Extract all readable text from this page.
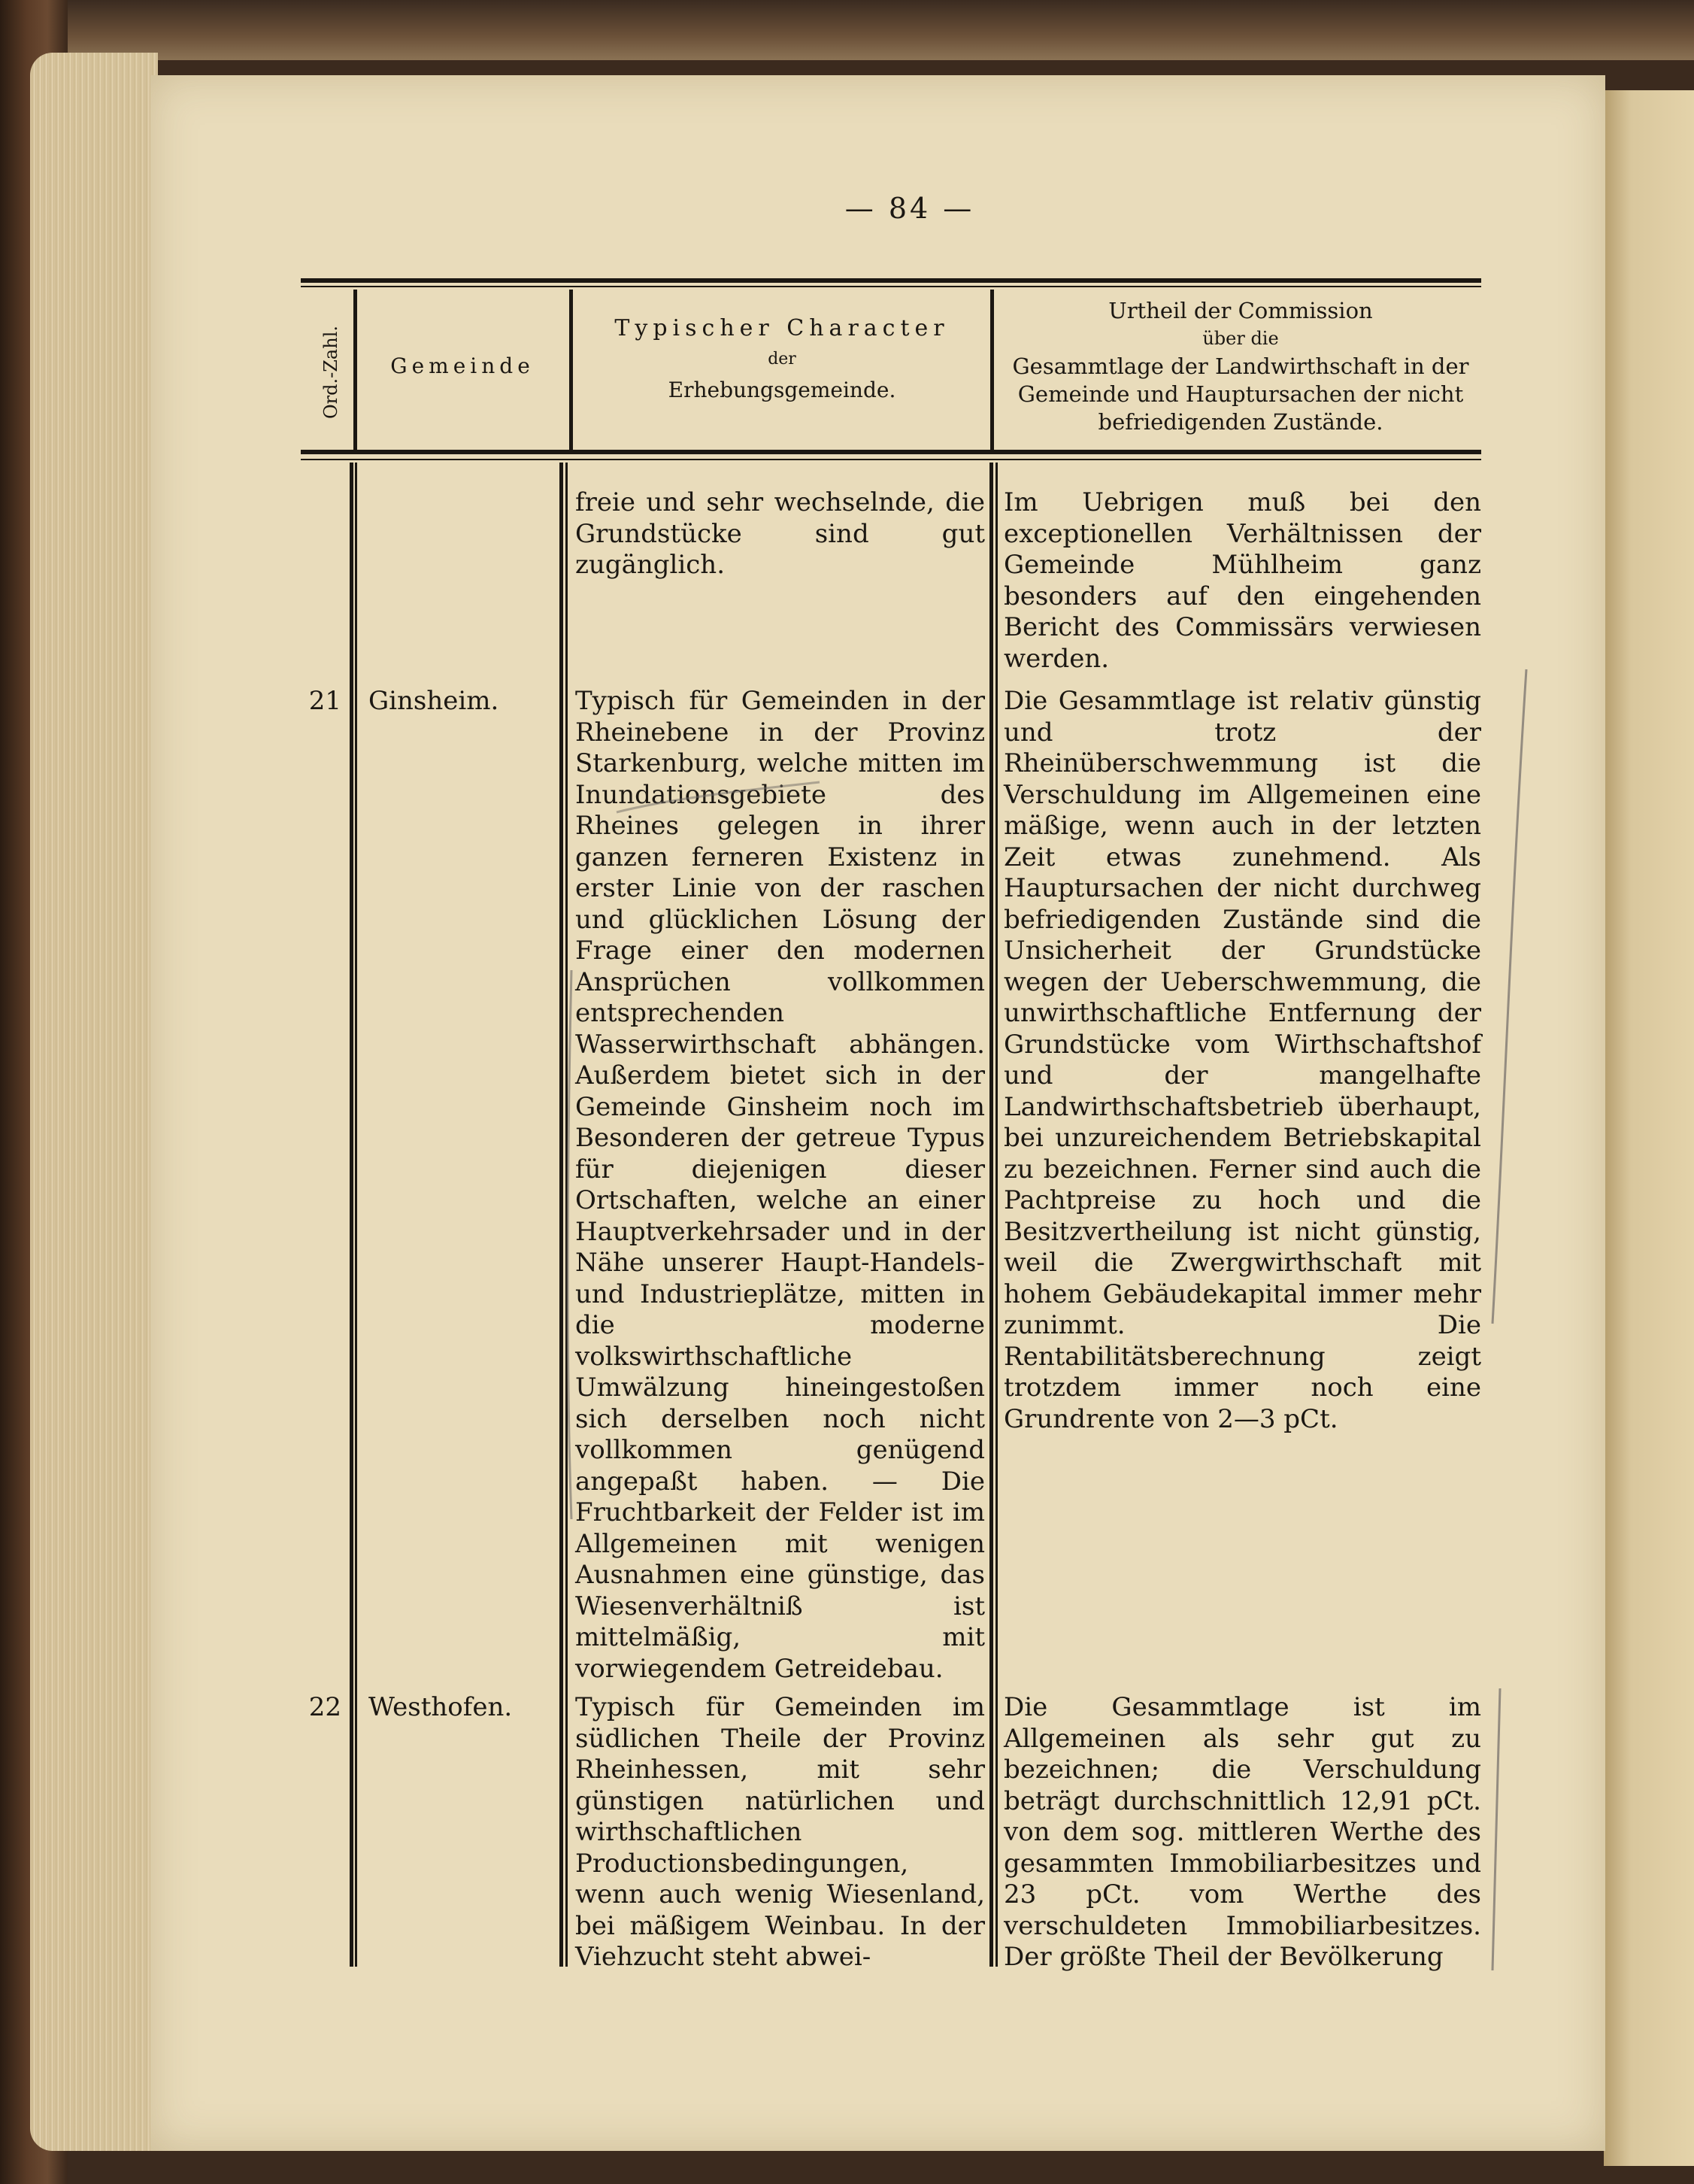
— 84 —
Ord.-Zahl.	Gemeinde
Typischer Character
der
Erhebungsgemeinde.
Urtheil der Commission
über die
Gesammtlage der Landwirthschaft in der
Gemeinde und Hauptursachen der nicht
befriedigenden Zustände.
freie und sehr wechselnde, die Grundstücke sind gut zugänglich.
Im Uebrigen muß bei den exceptionellen Verhältnissen der Gemeinde Mühlheim ganz besonders auf den eingehenden Bericht des Commissärs verwiesen werden.
21 Ginsheim.	Typisch für Gemeinden in der Rheinebene in der Provinz Starkenburg, welche mitten im Inundationsgebiete des Rheines gelegen in ihrer ganzen ferneren Existenz in erster Linie von der raschen und glücklichen Lösung der Frage einer den modernen Ansprüchen vollkommen entsprechenden Wasserwirthschaft abhängen. Außerdem bietet sich in der Gemeinde Ginsheim noch im Besonderen der getreue Typus für diejenigen dieser Ortschaften, welche an einer Hauptverkehrsader und in der Nähe unserer Haupt-Handels- und Industrieplätze, mitten in die moderne volkswirthschaftliche Umwälzung hineingestoßen sich derselben noch nicht vollkommen genügend angepaßt haben. — Die Fruchtbarkeit der Felder ist im Allgemeinen mit wenigen Ausnahmen eine günstige, das Wiesenverhältniß ist mittelmäßig, mit vorwiegendem Getreidebau.
Die Gesammtlage ist relativ günstig und trotz der Rheinüberschwemmung ist die Verschuldung im Allgemeinen eine mäßige, wenn auch in der letzten Zeit etwas zunehmend. Als Hauptursachen der nicht durchweg befriedigenden Zustände sind die Unsicherheit der Grundstücke wegen der Ueberschwemmung, die unwirthschaftliche Entfernung der Grundstücke vom Wirthschaftshof und der mangelhafte Landwirthschaftsbetrieb überhaupt, bei unzureichendem Betriebskapital zu bezeichnen. Ferner sind auch die Pachtpreise zu hoch und die Besitzvertheilung ist nicht günstig, weil die Zwergwirthschaft mit hohem Gebäudekapital immer mehr zunimmt. Die Rentabilitätsberechnung zeigt trotzdem immer noch eine Grundrente von 2—3 pCt.
22 Westhofen. Typisch für Gemeinden im südlichen Theile der Provinz Rheinhessen, mit sehr günstigen natürlichen und wirthschaftlichen Productionsbedingungen, wenn auch wenig Wiesenland, bei mäßigem Weinbau. In der Viehzucht steht abwei-
Die Gesammtlage ist im Allgemeinen als sehr gut zu bezeichnen; die Verschuldung beträgt durchschnittlich 12,91 pCt. von dem sog. mittleren Werthe des gesammten Immobiliarbesitzes und 23 pCt. vom Werthe des verschuldeten Immobiliarbesitzes. Der größte Theil der Bevölkerung
